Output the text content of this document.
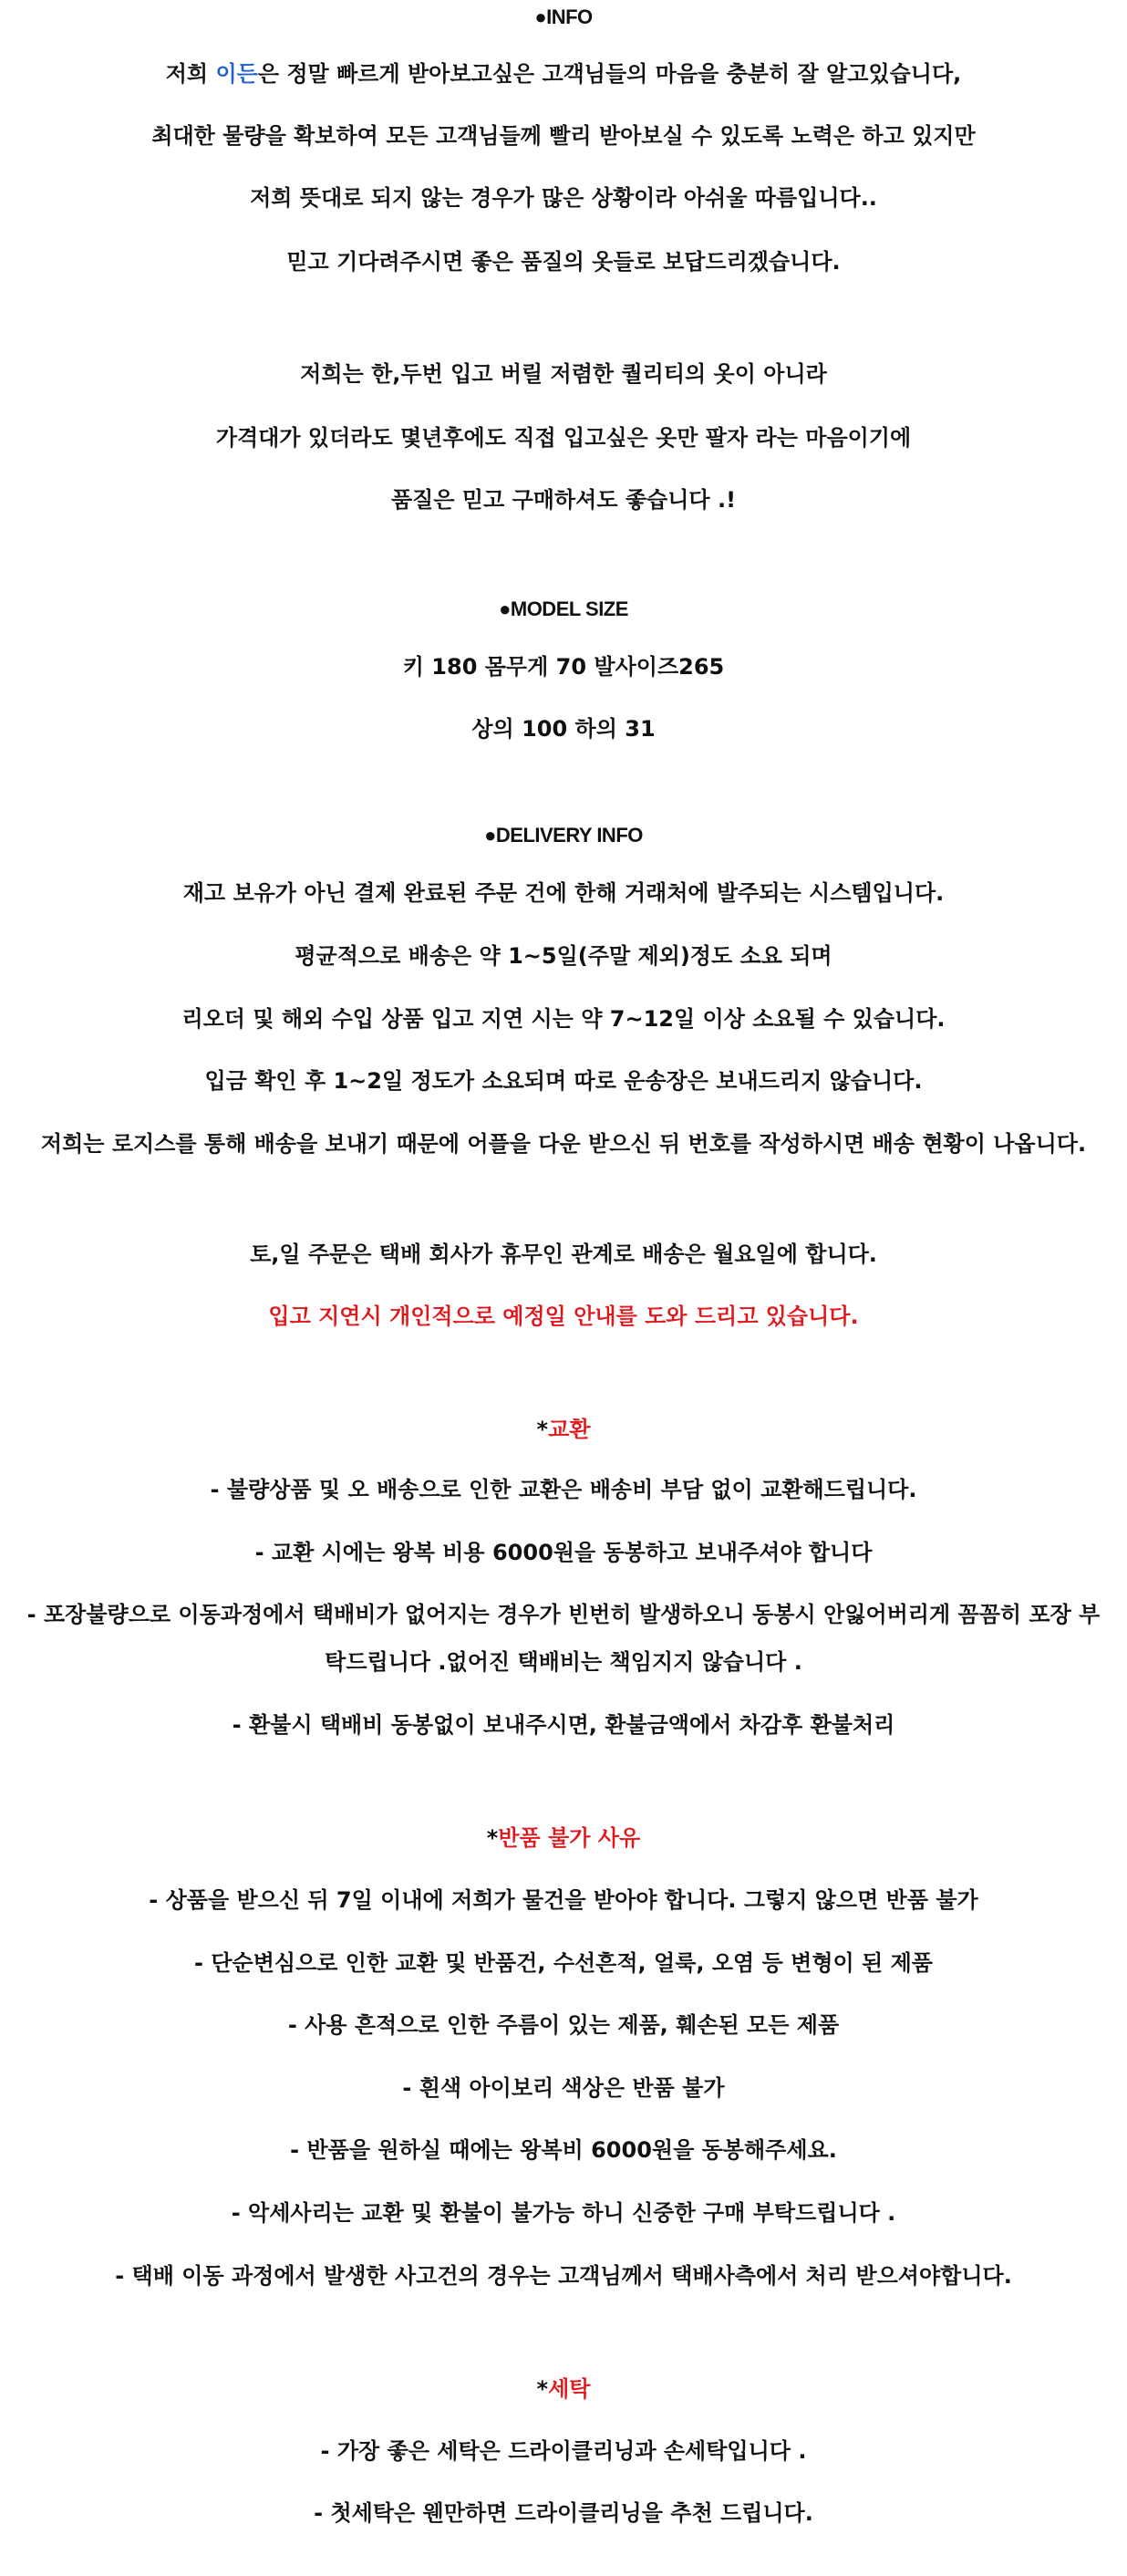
●INFO
저희 이든은 정말 빠르게 받아보고싶은 고객님들의 마음을 충분히 잘 알고있습니다,
최대한 물량을 확보하여 모든 고객님들께 빨리 받아보실 수 있도록 노력은 하고 있지만
저희 뜻대로 되지 않는 경우가 많은 상황이라 아쉬울 따름입니다..
믿고 기다려주시면 좋은 품질의 옷들로 보답드리겠습니다.
저희는 한,두번 입고 버릴 저렴한 퀄리티의 옷이 아니라
가격대가 있더라도 몇년후에도 직접 입고싶은 옷만 팔자 라는 마음이기에
품질은 믿고 구매하셔도 좋습니다 .!
●MODEL SIZE
키 180 몸무게 70 발사이즈265
상의 100 하의 31
●DELIVERY INFO
재고 보유가 아닌 결제 완료된 주문 건에 한해 거래처에 발주되는 시스템입니다.
평균적으로 배송은 약 1~5일(주말 제외)정도 소요 되며
리오더 및 해외 수입 상품 입고 지연 시는 약 7~12일 이상 소요될 수 있습니다.
입금 확인 후 1~2일 정도가 소요되며 따로 운송장은 보내드리지 않습니다.
저희는 로지스를 통해 배송을 보내기 때문에 어플을 다운 받으신 뒤 번호를 작성하시면 배송 현황이 나옵니다.
토,일 주문은 택배 회사가 휴무인 관계로 배송은 월요일에 합니다.
입고 지연시 개인적으로 예정일 안내를 도와 드리고 있습니다.
*교환
- 불량상품 및 오 배송으로 인한 교환은 배송비 부담 없이 교환해드립니다.
- 교환 시에는 왕복 비용 6000원을 동봉하고 보내주셔야 합니다
- 포장불량으로 이동과정에서 택배비가 없어지는 경우가 빈번히 발생하오니 동봉시 안잃어버리게 꼼꼼히 포장 부탁드립니다 .없어진 택배비는 책임지지 않습니다 .
- 환불시 택배비 동봉없이 보내주시면, 환불금액에서 차감후 환불처리
*반품 불가 사유
- 상품을 받으신 뒤 7일 이내에 저희가 물건을 받아야 합니다. 그렇지 않으면 반품 불가
- 단순변심으로 인한 교환 및 반품건, 수선흔적, 얼룩, 오염 등 변형이 된 제품
- 사용 흔적으로 인한 주름이 있는 제품, 훼손된 모든 제품
- 흰색 아이보리 색상은 반품 불가
- 반품을 원하실 때에는 왕복비 6000원을 동봉해주세요.
- 악세사리는 교환 및 환불이 불가능 하니 신중한 구매 부탁드립니다 .
- 택배 이동 과정에서 발생한 사고건의 경우는 고객님께서 택배사측에서 처리 받으셔야합니다.
*세탁
- 가장 좋은 세탁은 드라이클리닝과 손세탁입니다 .
- 첫세탁은 웬만하면 드라이클리닝을 추천 드립니다.
